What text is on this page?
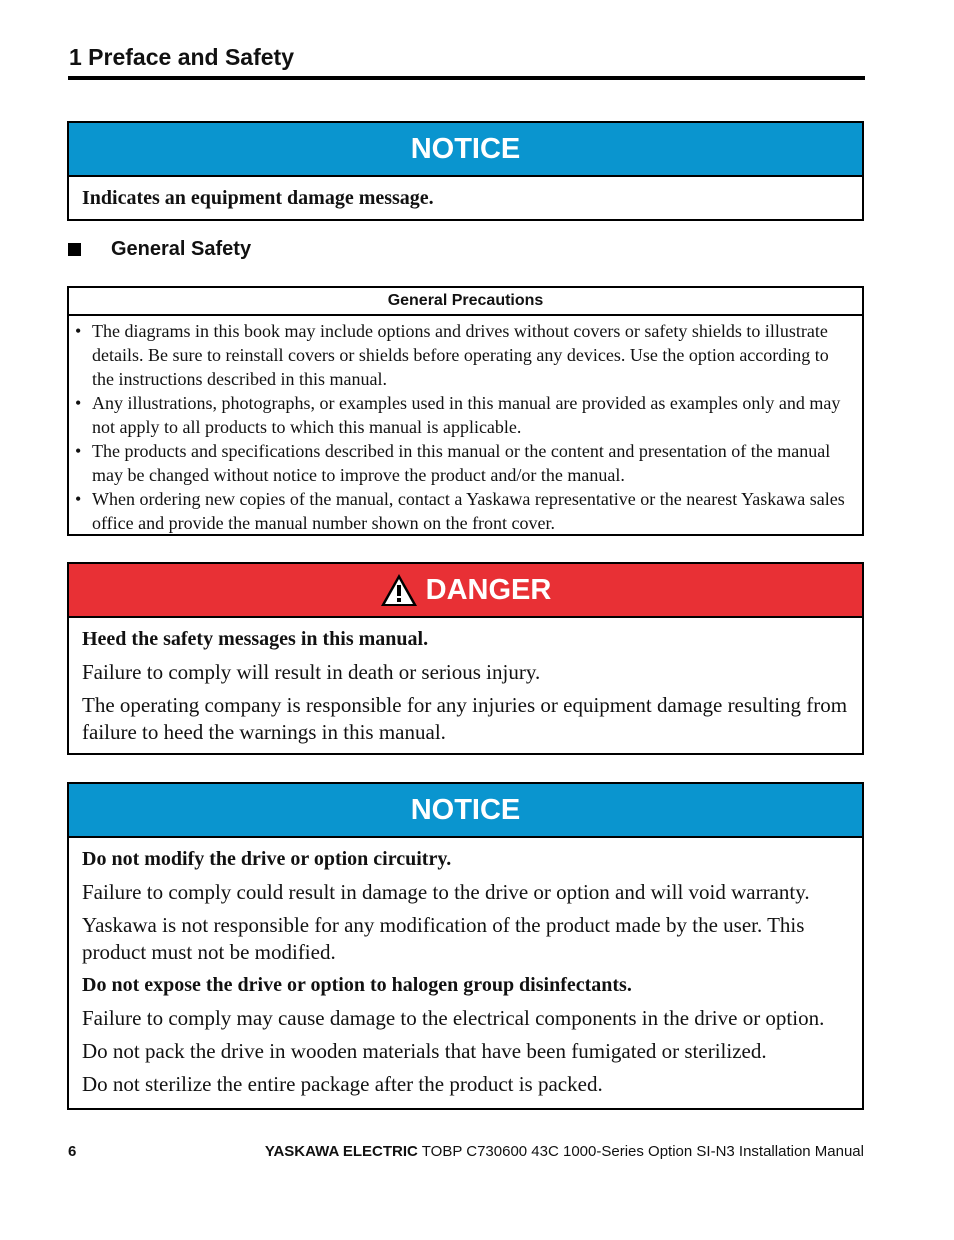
1 Preface and Safety
NOTICE

Indicates an equipment damage message.

General Safety
General Precautions
• The diagrams in this book may include options and drives without covers or safety shields to illustrate details. Be sure to reinstall covers or shields before operating any devices. Use the option according to the instructions described in this manual.
• Any illustrations, photographs, or examples used in this manual are provided as examples only and may not apply to all products to which this manual is applicable.
• The products and specifications described in this manual or the content and presentation of the manual may be changed without notice to improve the product and/or the manual.
• When ordering new copies of the manual, contact a Yaskawa representative or the nearest Yaskawa sales office and provide the manual number shown on the front cover.
DANGER

Heed the safety messages in this manual.

Failure to comply will result in death or serious injury.

The operating company is responsible for any injuries or equipment damage resulting from failure to heed the warnings in this manual.

NOTICE

Do not modify the drive or option circuitry.

Failure to comply could result in damage to the drive or option and will void warranty.

Yaskawa is not responsible for any modification of the product made by the user. This product must not be modified.

Do not expose the drive or option to halogen group disinfectants.

Failure to comply may cause damage to the electrical components in the drive or option.

Do not pack the drive in wooden materials that have been fumigated or sterilized.

Do not sterilize the entire package after the product is packed.

6	YASKAWA ELECTRIC TOBP C730600 43C 1000-Series Option SI-N3 Installation Manual
